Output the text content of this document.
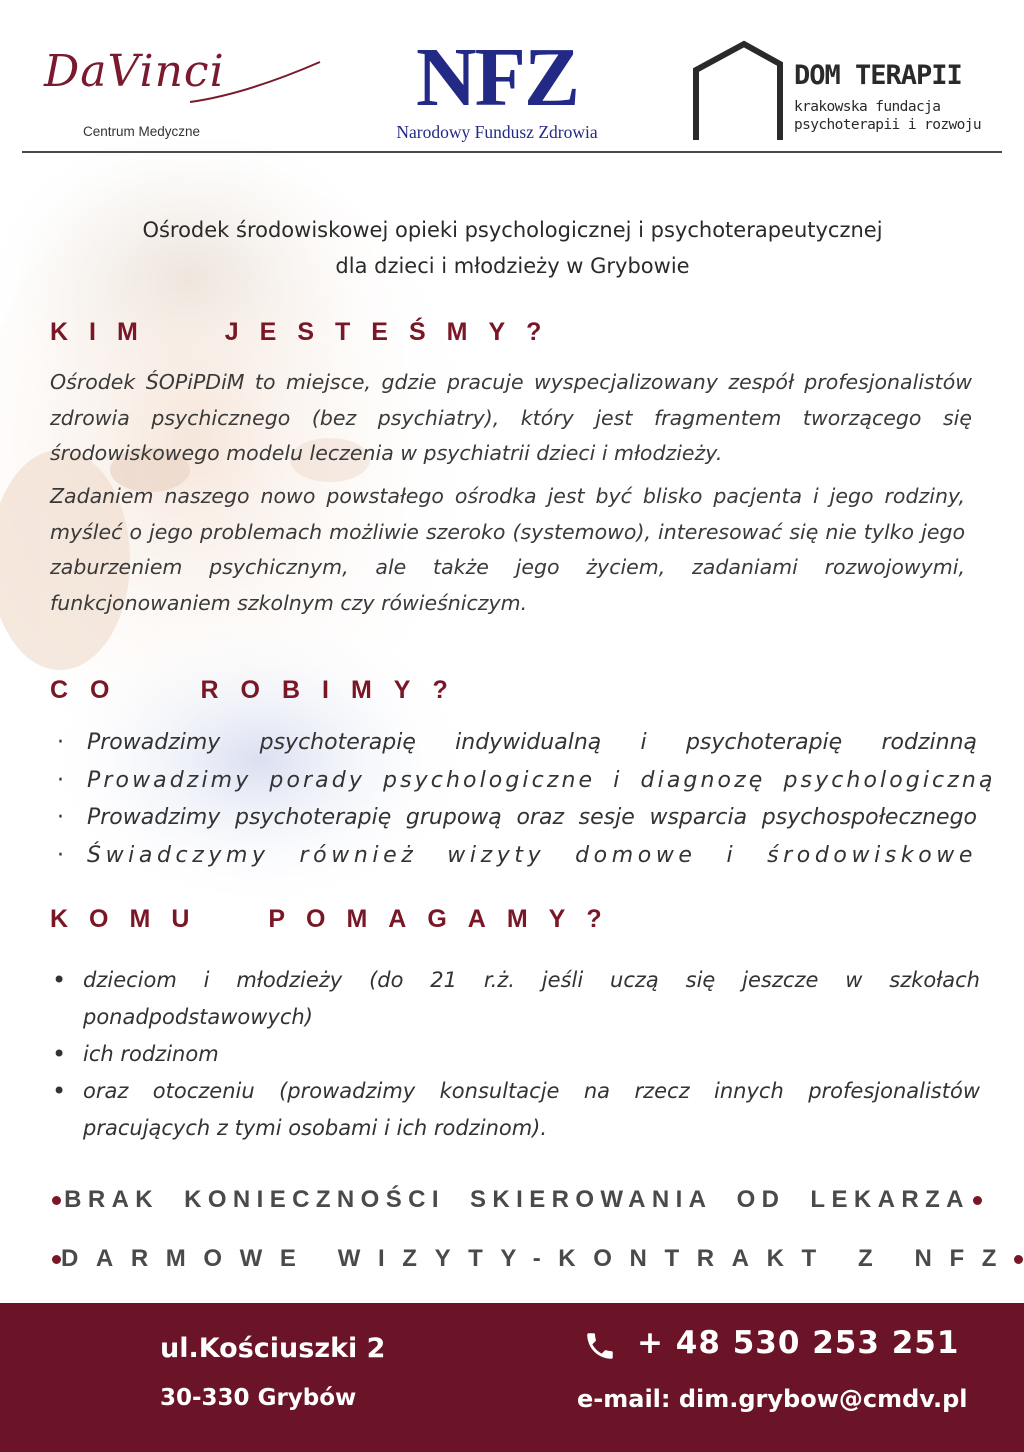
DaVinci
Centrum Medyczne
NFZ
Narodowy Fundusz Zdrowia
DOM TERAPII
krakowska fundacja
psychoterapii i rozwoju
Ośrodek środowiskowej opieki psychologicznej i psychoterapeutycznej
dla dzieci i młodzieży w Grybowie
KIM JESTEŚMY?

Ośrodek ŚOPiPDiM to miejsce, gdzie pracuje wyspecjalizowany zespół profesjonalistów zdrowia psychicznego (bez psychiatry), który jest fragmentem tworzącego się środowiskowego modelu leczenia w psychiatrii dzieci i młodzieży.

Zadaniem naszego nowo powstałego ośrodka jest być blisko pacjenta i jego rodziny, myśleć o jego problemach możliwie szeroko (systemowo), interesować się nie tylko jego zaburzeniem psychicznym, ale także jego życiem, zadaniami rozwojowymi, funkcjonowaniem szkolnym czy rówieśniczym.

CO ROBIMY?
· Prowadzimy psychoterapię indywidualną i psychoterapię rodzinną
· Prowadzimy porady psychologiczne i diagnozę psychologiczną
· Prowadzimy psychoterapię grupową oraz sesje wsparcia psychospołecznego
· Świadczymy również wizyty domowe i środowiskowe
KOMU POMAGAMY?
• dzieciom i młodzieży (do 21 r.ż. jeśli uczą się jeszcze w szkołach ponadpodstawowych)
• ich rodzinom
• oraz otoczeniu (prowadzimy konsultacje na rzecz innych profesjonalistów pracujących z tymi osobami i ich rodzinom).
BRAK KONIECZNOŚCI SKIEROWANIA OD LEKARZA
DARMOWE WIZYTY-KONTRAKT Z NFZ
ul.Kościuszki 2
30-330 Grybów
+ 48 530 253 251
e-mail: dim.grybow@cmdv.pl
